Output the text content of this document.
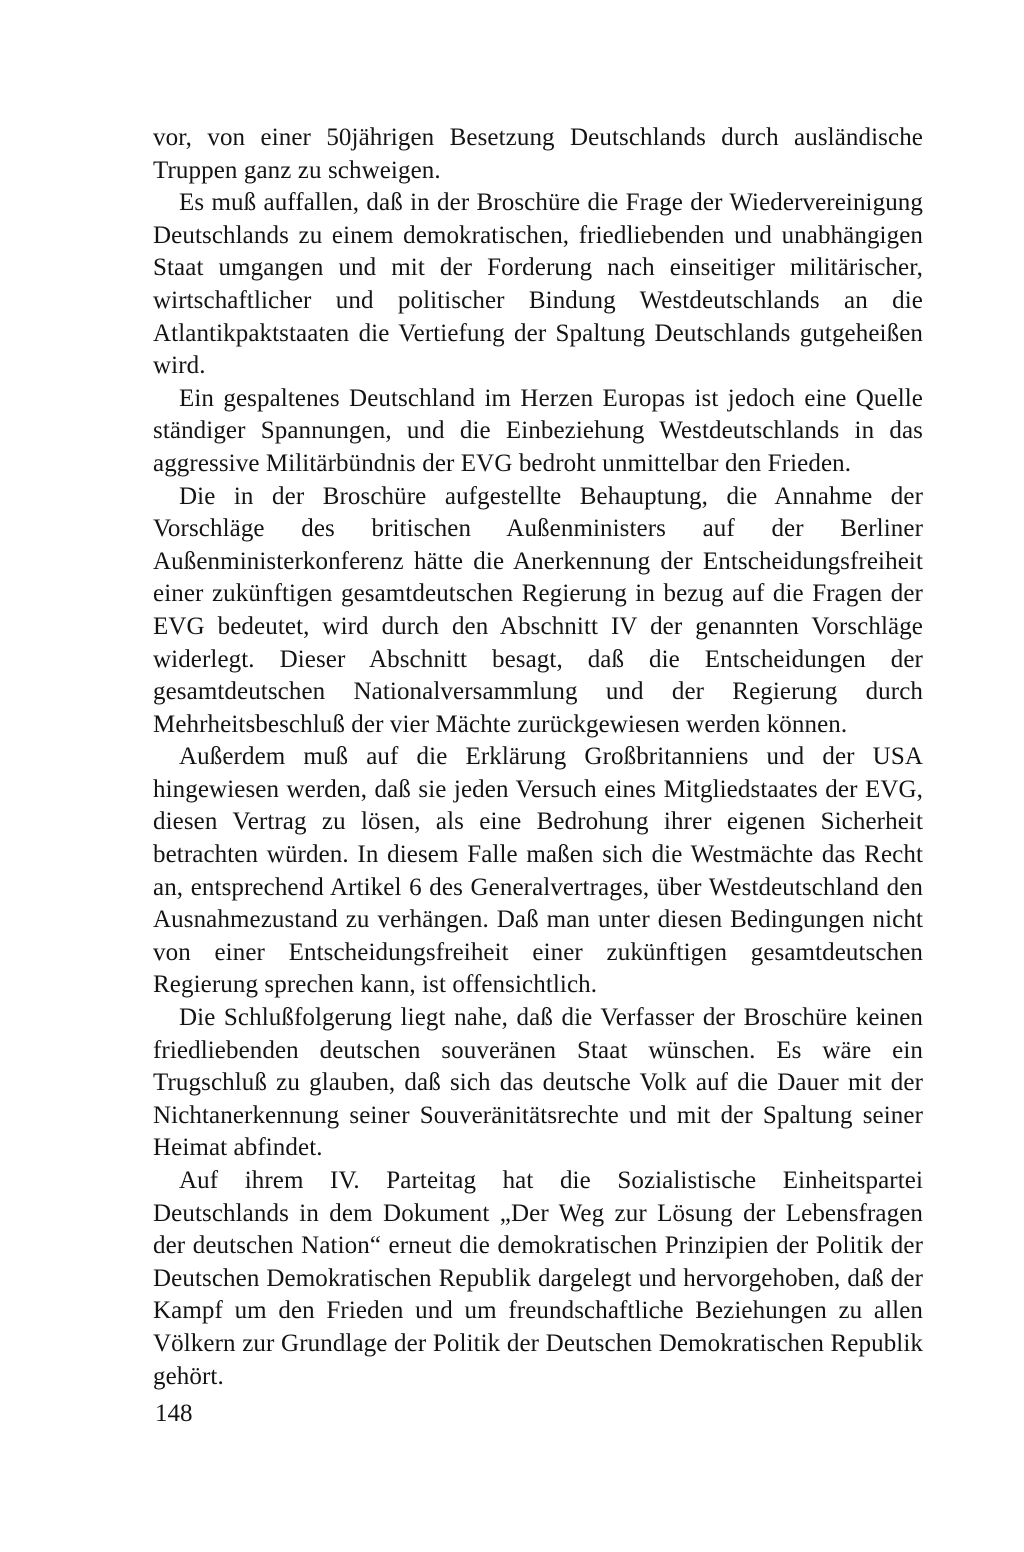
vor, von einer 50jährigen Besetzung Deutschlands durch ausländische Truppen ganz zu schweigen.

Es muß auffallen, daß in der Broschüre die Frage der Wiedervereinigung Deutschlands zu einem demokratischen, friedliebenden und unabhängigen Staat umgangen und mit der Forderung nach einseitiger militärischer, wirtschaftlicher und politischer Bindung Westdeutschlands an die Atlantikpaktstaaten die Vertiefung der Spaltung Deutschlands gutgeheißen wird.

Ein gespaltenes Deutschland im Herzen Europas ist jedoch eine Quelle ständiger Spannungen, und die Einbeziehung Westdeutschlands in das aggressive Militärbündnis der EVG bedroht unmittelbar den Frieden.

Die in der Broschüre aufgestellte Behauptung, die Annahme der Vorschläge des britischen Außenministers auf der Berliner Außenministerkonferenz hätte die Anerkennung der Entscheidungsfreiheit einer zukünftigen gesamtdeutschen Regierung in bezug auf die Fragen der EVG bedeutet, wird durch den Abschnitt IV der genannten Vorschläge widerlegt. Dieser Abschnitt besagt, daß die Entscheidungen der gesamtdeutschen Nationalversammlung und der Regierung durch Mehrheitsbeschluß der vier Mächte zurückgewiesen werden können.

Außerdem muß auf die Erklärung Großbritanniens und der USA hingewiesen werden, daß sie jeden Versuch eines Mitgliedstaates der EVG, diesen Vertrag zu lösen, als eine Bedrohung ihrer eigenen Sicherheit betrachten würden. In diesem Falle maßen sich die Westmächte das Recht an, entsprechend Artikel 6 des Generalvertrages, über Westdeutschland den Ausnahmezustand zu verhängen. Daß man unter diesen Bedingungen nicht von einer Entscheidungsfreiheit einer zukünftigen gesamtdeutschen Regierung sprechen kann, ist offensichtlich.

Die Schlußfolgerung liegt nahe, daß die Verfasser der Broschüre keinen friedliebenden deutschen souveränen Staat wünschen. Es wäre ein Trugschluß zu glauben, daß sich das deutsche Volk auf die Dauer mit der Nichtanerkennung seiner Souveränitätsrechte und mit der Spaltung seiner Heimat abfindet.

Auf ihrem IV. Parteitag hat die Sozialistische Einheitspartei Deutschlands in dem Dokument „Der Weg zur Lösung der Lebensfragen der deutschen Nation“ erneut die demokratischen Prinzipien der Politik der Deutschen Demokratischen Republik dargelegt und hervorgehoben, daß der Kampf um den Frieden und um freundschaftliche Beziehungen zu allen Völkern zur Grundlage der Politik der Deutschen Demokratischen Republik gehört.

148
